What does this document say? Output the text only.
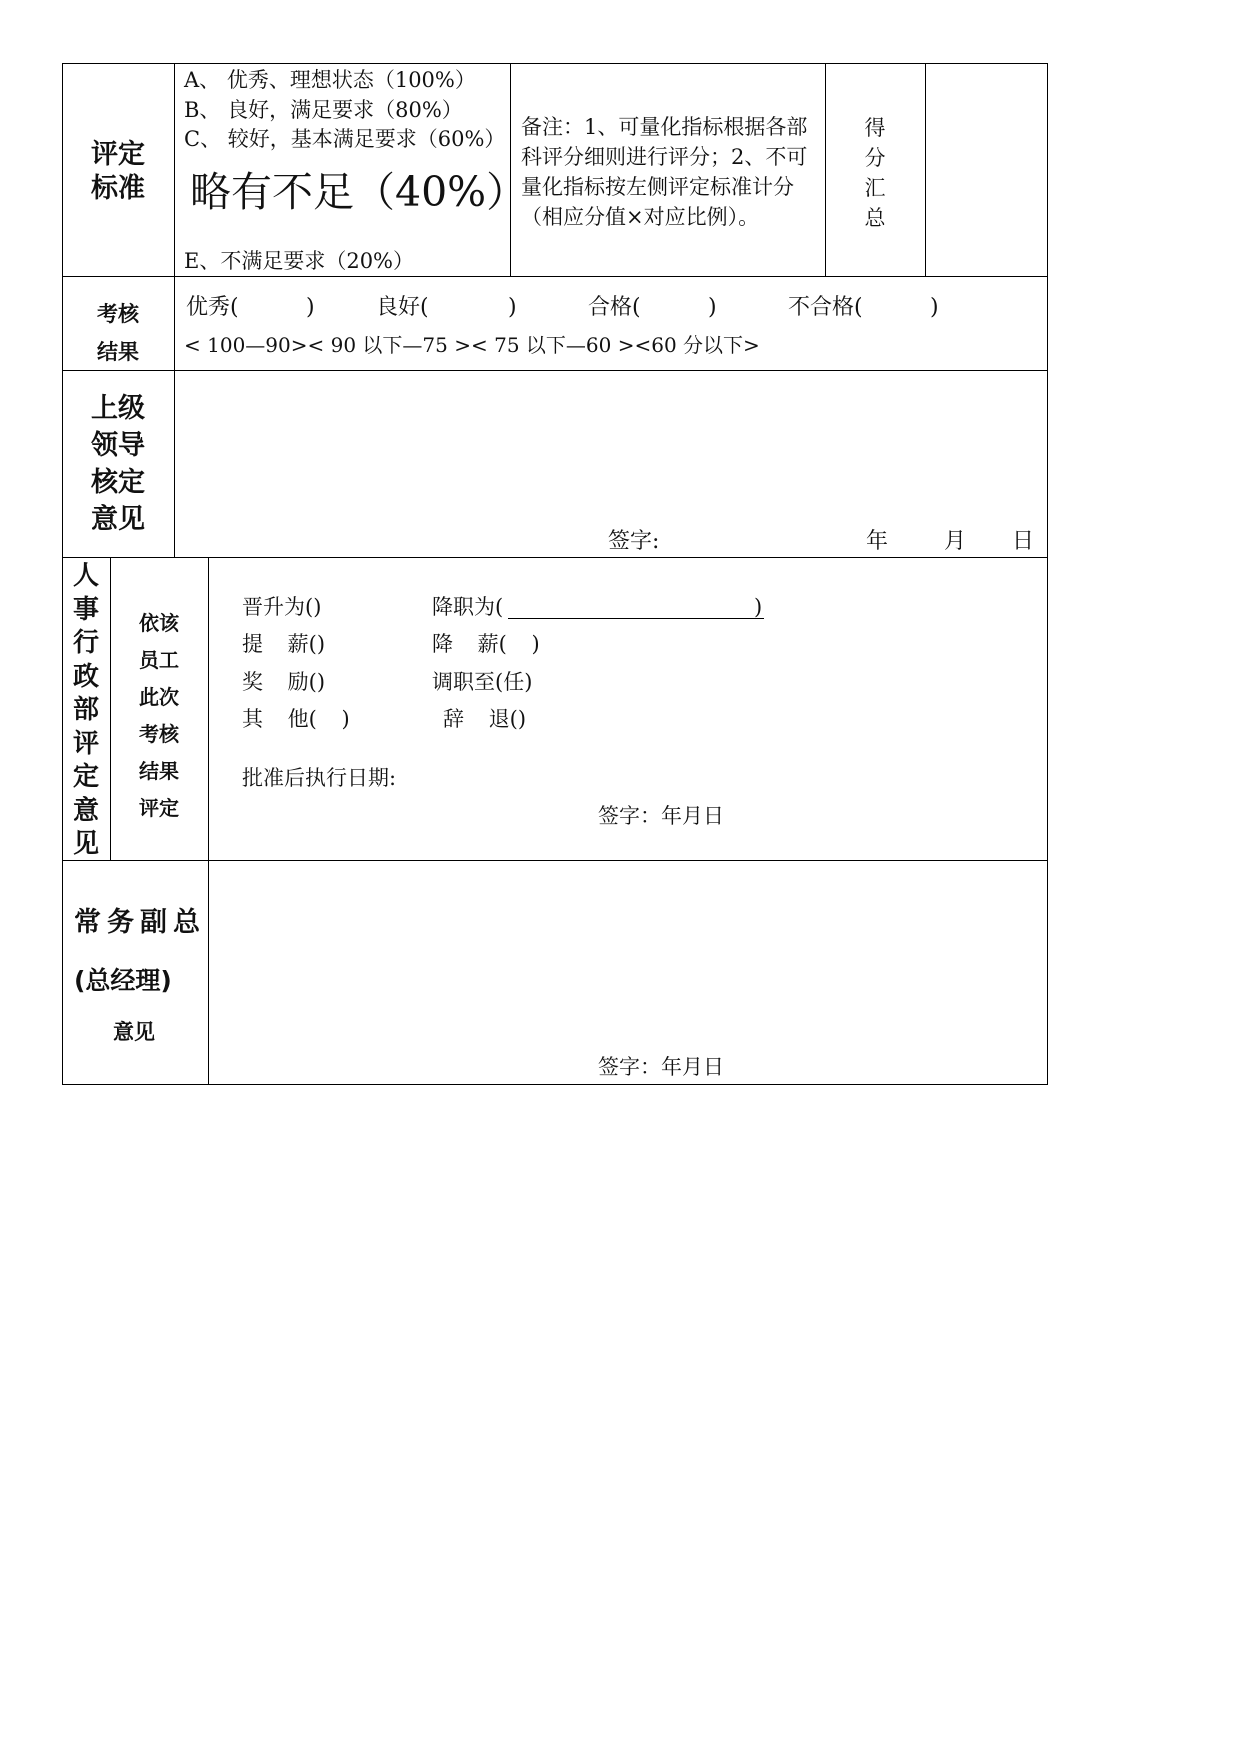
评定
标准
A、 优秀、理想状态（100%）
B、 良好，满足要求（80%）
C、 较好，基本满足要求（60%）
略有不足（40%）
E、不满足要求（20%）
备注：1、可量化指标根据各部
科评分细则进行评分；2、不可
量化指标按左侧评定标准计分
（相应分值×对应比例）。
得
分
汇
总
考核
结果
优秀(	)	良好(	)	合格(	)	不合格(	)
< 100—90>< 90 以下—75 >< 75 以下—60 ><60 分以下>
上级
领导
核定
意见
签字:	年	月 日
人
事
行
政
部
评
定
意
见
依该
员工
此次
考核
结果
评定
晋升为()	降职为(	)
提 薪()	降 薪( )
奖 励()	调职至(任)
其 他( )	辞 退()
批准后执行日期:
签字：年月日
常务副总
(总经理)
意见
签字：年月日
